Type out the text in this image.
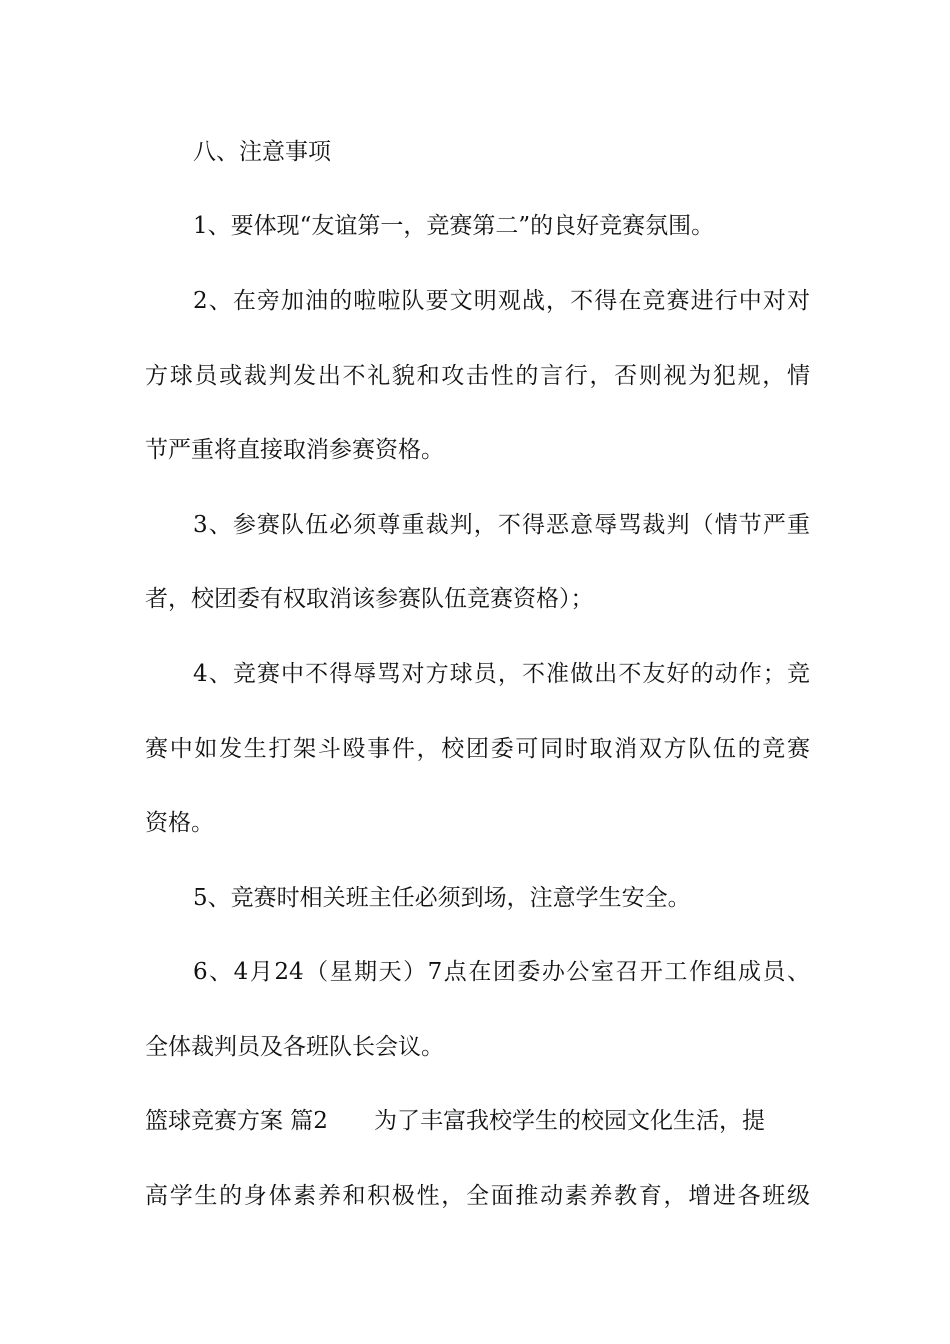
八、注意事项
1、要体现“友谊第一，竞赛第二”的良好竞赛氛围。
2、在旁加油的啦啦队要文明观战，不得在竞赛进行中对对
方球员或裁判发出不礼貌和攻击性的言行，否则视为犯规，情
节严重将直接取消参赛资格。
3、参赛队伍必须尊重裁判，不得恶意辱骂裁判（情节严重
者，校团委有权取消该参赛队伍竞赛资格）；
4、竞赛中不得辱骂对方球员，不准做出不友好的动作；竞
赛中如发生打架斗殴事件，校团委可同时取消双方队伍的竞赛
资格。
5、竞赛时相关班主任必须到场，注意学生安全。
6、4月24（星期天）7点在团委办公室召开工作组成员、
全体裁判员及各班队长会议。
篮球竞赛方案 篇2 为了丰富我校学生的校园文化生活，提
高学生的身体素养和积极性，全面推动素养教育，增进各班级
